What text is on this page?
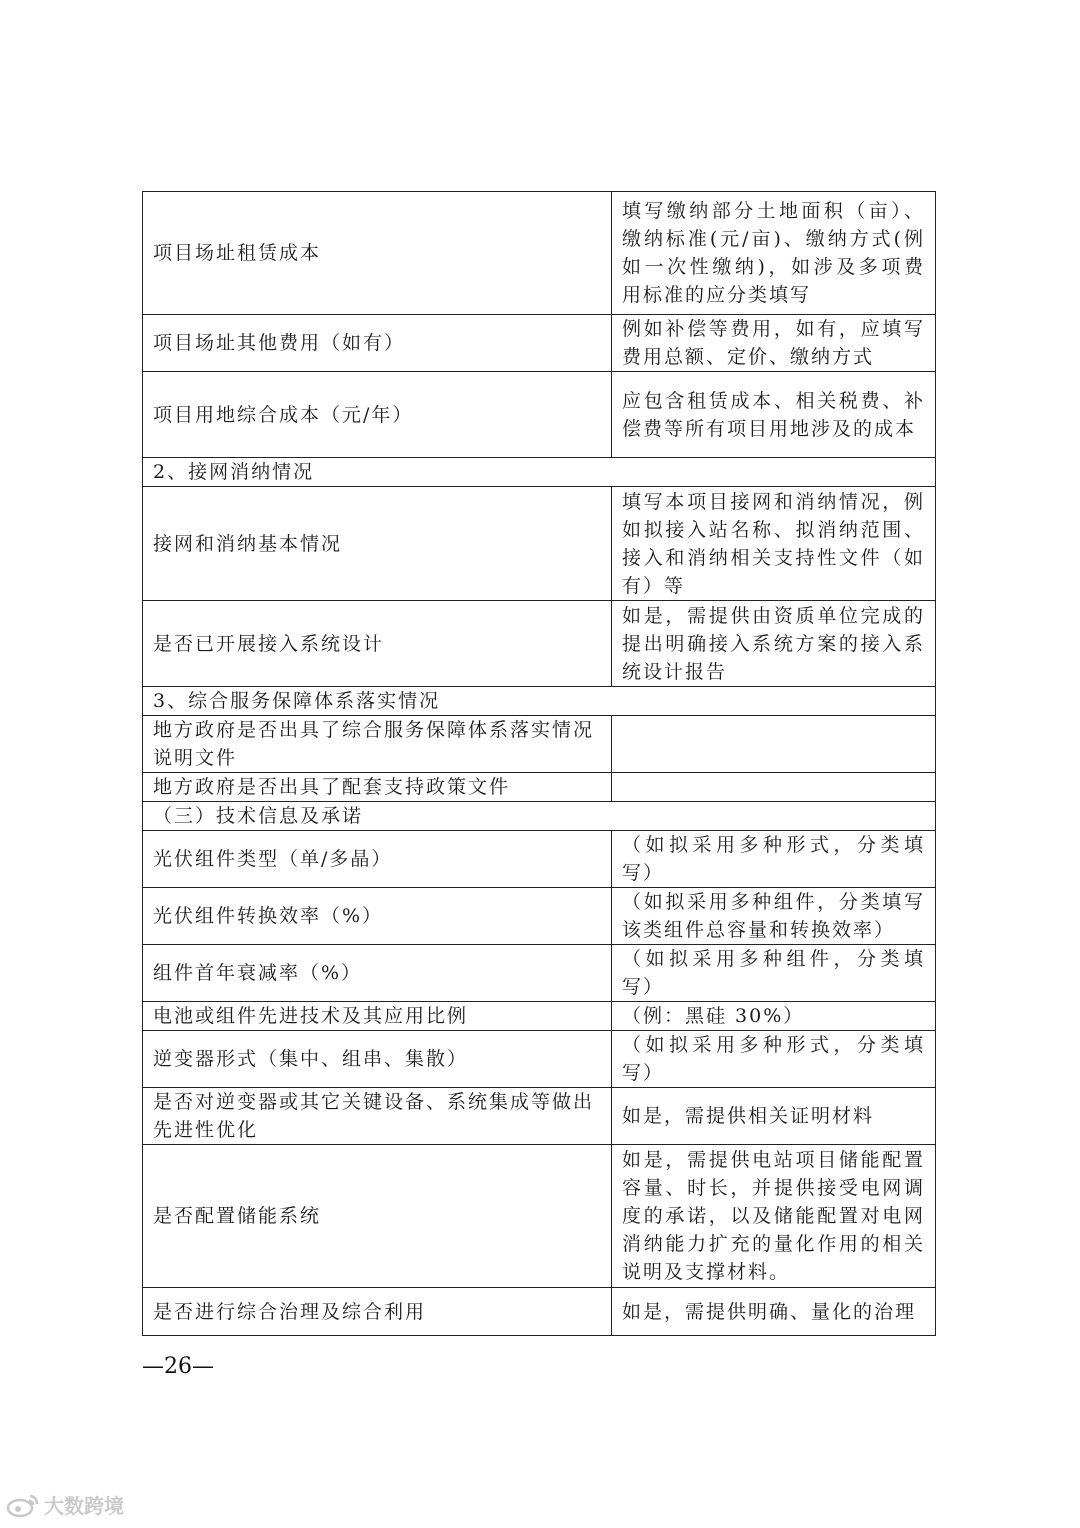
项目场址租赁成本	填写缴纳部分土地面积（亩）、缴纳标准(元/亩)、缴纳方式(例如一次性缴纳)，如涉及多项费用标准的应分类填写
项目场址其他费用（如有）	例如补偿等费用，如有，应填写费用总额、定价、缴纳方式
项目用地综合成本（元/年）	应包含租赁成本、相关税费、补偿费等所有项目用地涉及的成本
2、接网消纳情况	
接网和消纳基本情况	填写本项目接网和消纳情况，例如拟接入站名称、拟消纳范围、接入和消纳相关支持性文件（如有）等
是否已开展接入系统设计	如是，需提供由资质单位完成的提出明确接入系统方案的接入系统设计报告
3、综合服务保障体系落实情况	
地方政府是否出具了综合服务保障体系落实情况说明文件	
地方政府是否出具了配套支持政策文件	
（三）技术信息及承诺	
光伏组件类型（单/多晶）	（如拟采用多种形式，分类填写）
光伏组件转换效率（%）	（如拟采用多种组件，分类填写该类组件总容量和转换效率）
组件首年衰减率（%）	（如拟采用多种组件，分类填写）
电池或组件先进技术及其应用比例	（例：黑硅 30%）
逆变器形式（集中、组串、集散）	（如拟采用多种形式，分类填写）
是否对逆变器或其它关键设备、系统集成等做出先进性优化	如是，需提供相关证明材料
是否配置储能系统	如是，需提供电站项目储能配置容量、时长，并提供接受电网调度的承诺，以及储能配置对电网消纳能力扩充的量化作用的相关说明及支撑材料。
是否进行综合治理及综合利用	如是，需提供明确、量化的治理
—26—
大数跨境
